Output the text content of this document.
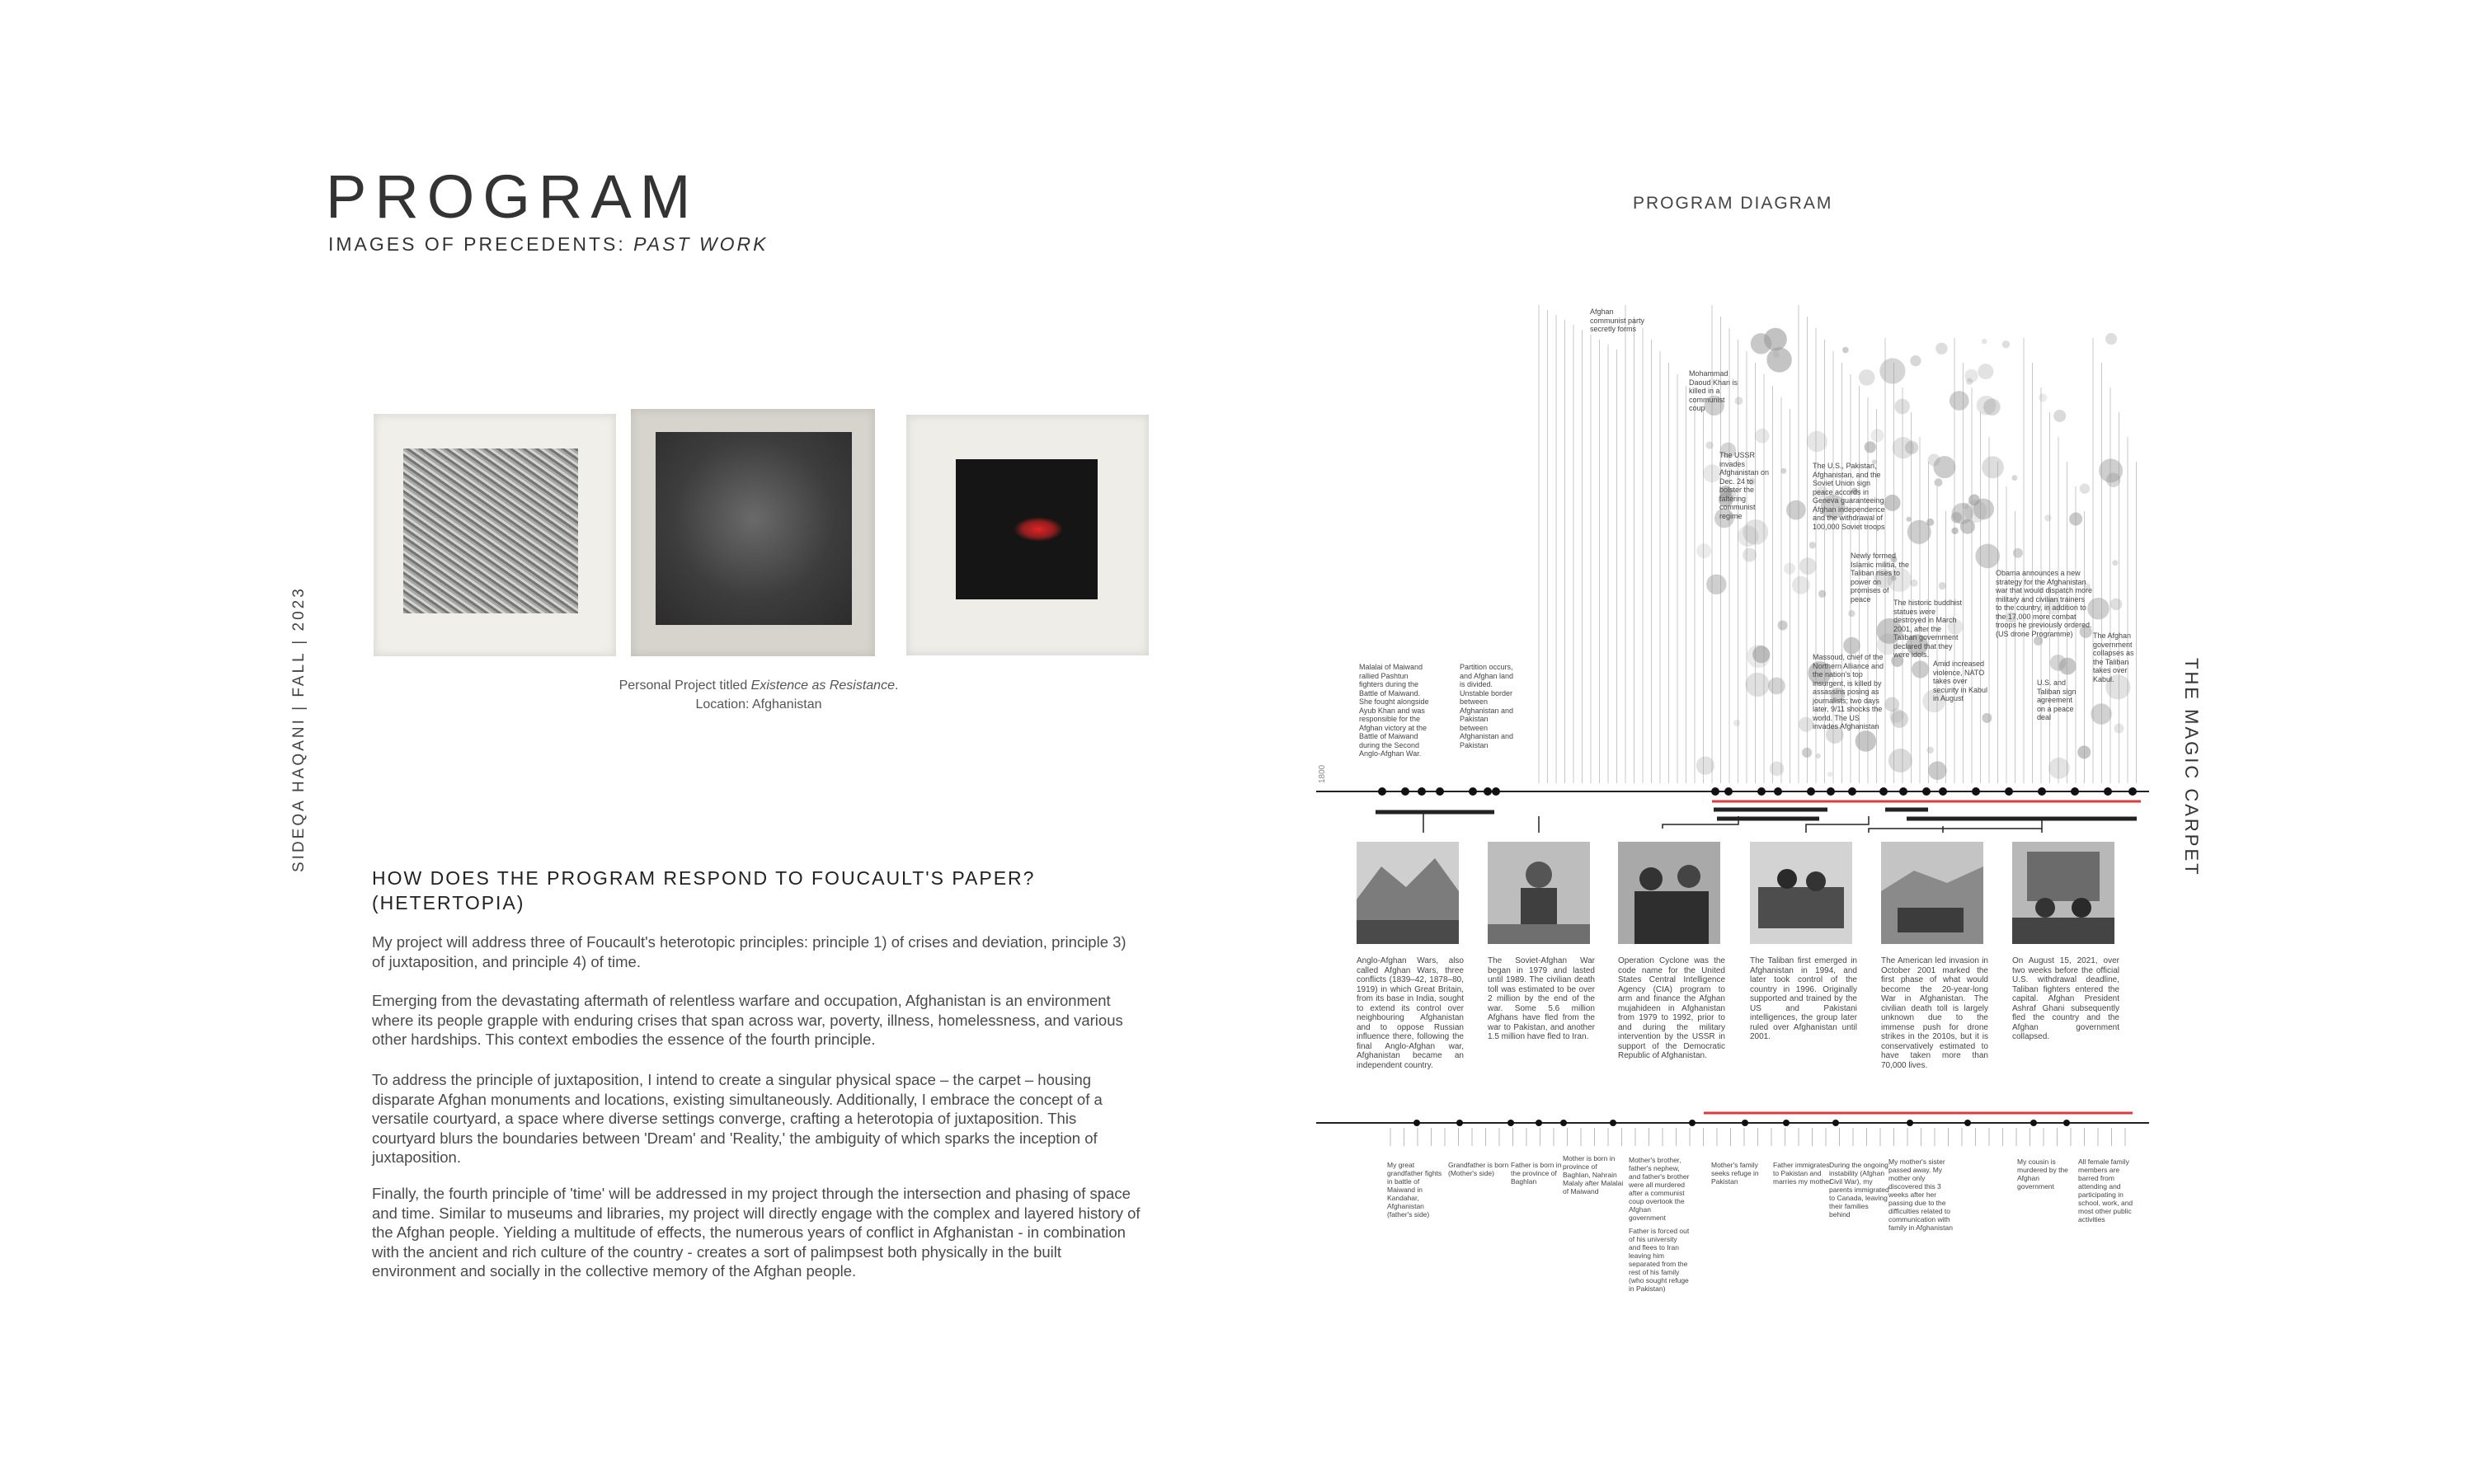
PROGRAM
IMAGES OF PRECEDENTS: PAST WORK
Personal Project titled Existence as Resistance.
Location: Afghanistan
SIDEQA HAQANI | FALL | 2023
HOW DOES THE PROGRAM RESPOND TO FOUCAULT'S PAPER? (HETERTOPIA)
My project will address three of Foucault's heterotopic principles: principle 1) of crises and deviation, principle 3) of juxtaposition, and principle 4) of time.
Emerging from the devastating aftermath of relentless warfare and occupation, Afghanistan is an environment where its people grapple with enduring crises that span across war, poverty, illness, homelessness, and various other hardships. This context embodies the essence of the fourth principle.
To address the principle of juxtaposition, I intend to create a singular physical space – the carpet – housing disparate Afghan monuments and locations, existing simultaneously. Additionally, I embrace the concept of a versatile courtyard, a space where diverse settings converge, crafting a heterotopia of juxtaposition. This courtyard blurs the boundaries between 'Dream' and 'Reality,' the ambiguity of which sparks the inception of juxtaposition.
Finally, the fourth principle of 'time' will be addressed in my project through the intersection and phasing of space and time. Similar to museums and libraries, my project will directly engage with the complex and layered history of the Afghan people. Yielding a multitude of effects, the numerous years of conflict in Afghanistan - in combination with the ancient and rich culture of the country - creates a sort of palimpsest both physically in the built environment and socially in the collective memory of the Afghan people.
PROGRAM DIAGRAM
THE MAGIC CARPET
1800
Afghan communist party secretly forms
Mohammad Daoud Khan is killed in a communist coup
The USSR invades Afghanistan on Dec. 24 to bolster the faltering communist regime
The U.S., Pakistan, Afghanistan, and the Soviet Union sign peace accords in Geneva guaranteeing Afghan independence and the withdrawal of 100,000 Soviet troops
Newly formed Islamic militia, the Taliban rises to power on promises of peace	The historic buddhist statues were destroyed in March 2001, after the Taliban government declared that they were idols.
Massoud, chief of the Northern Alliance and the nation's top insurgent, is killed by assassins posing as journalists; two days later, 9/11 shocks the world. The US invades Afghanistan
Amid increased violence, NATO takes over security in Kabul in August
Obama announces a new strategy for the Afghanistan war that would dispatch more military and civilian trainers to the country, in addition to the 17,000 more combat troops he previously ordered. (US drone Programme)
U.S. and Taliban sign agreement on a peace deal
The Afghan government collapses as the Taliban takes over Kabul.
Malalai of Maiwand rallied Pashtun fighters during the Battle of Maiwand. She fought alongside Ayub Khan and was responsible for the Afghan victory at the Battle of Maiwand during the Second Anglo-Afghan War.
Partition occurs, and Afghan land is divided. Unstable border between Afghanistan and Pakistan between Afghanistan and Pakistan
Anglo-Afghan Wars, also called Afghan Wars, three conflicts (1839–42, 1878–80, 1919) in which Great Britain, from its base in India, sought to extend its control over neighbouring Afghanistan and to oppose Russian influence there, following the final Anglo-Afghan war, Afghanistan became an independent country.
The Soviet-Afghan War began in 1979 and lasted until 1989. The civilian death toll was estimated to be over 2 million by the end of the war. Some 5.6 million Afghans have fled from the war to Pakistan, and another 1.5 million have fled to Iran.
Operation Cyclone was the code name for the United States Central Intelligence Agency (CIA) program to arm and finance the Afghan mujahideen in Afghanistan from 1979 to 1992, prior to and during the military intervention by the USSR in support of the Democratic Republic of Afghanistan.
The Taliban first emerged in Afghanistan in 1994, and later took control of the country in 1996. Originally supported and trained by the US and Pakistani intelligences, the group later ruled over Afghanistan until 2001.
The American led invasion in October 2001 marked the first phase of what would become the 20-year-long War in Afghanistan. The civilian death toll is largely unknown due to the immense push for drone strikes in the 2010s, but it is conservatively estimated to have taken more than 70,000 lives.
On August 15, 2021, over two weeks before the official U.S. withdrawal deadline, Taliban fighters entered the capital. Afghan President Ashraf Ghani subsequently fled the country and the Afghan government collapsed.
My great grandfather fights in battle of Maiwand in Kandahar, Afghanistan (father's side)
Grandfather is born (Mother's side)
Father is born in the province of Baghlan
Mother is born in province of Baghlan, Nahrain Malaly after Malalai of Maiwand
Mother's brother, father's nephew, and father's brother were all murdered after a communist coup overtook the Afghan government
Father is forced out of his university and flees to Iran leaving him separated from the rest of his family (who sought refuge in Pakistan)
Mother's family seeks refuge in Pakistan
Father immigrates to Pakistan and marries my mother
During the ongoing instability (Afghan Civil War), my parents immigrated to Canada, leaving their families behind
My mother's sister passed away. My mother only discovered this 3 weeks after her passing due to the difficulties related to communication with family in Afghanistan
My cousin is murdered by the Afghan government
All female family members are barred from attending and participating in school, work, and most other public activities
